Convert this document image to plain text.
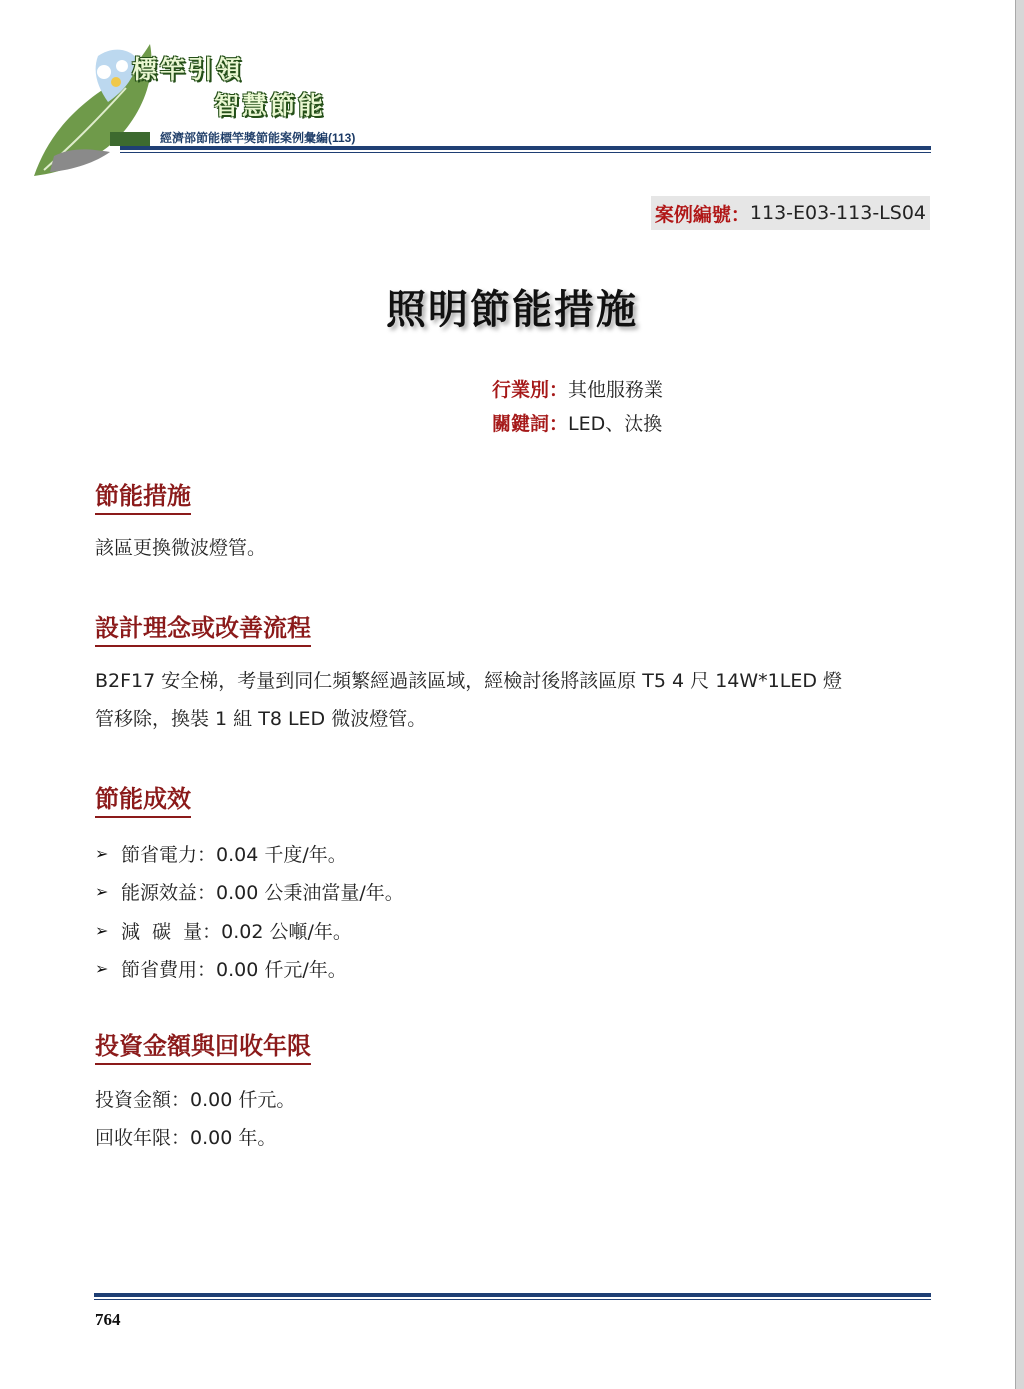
標竿引領
智慧節能
經濟部節能標竿獎節能案例彙編(113)
案例編號： 113-E03-113-LS04
照明節能措施
行業別：其他服務業
關鍵詞：LED、汰換
節能措施
該區更換微波燈管。
設計理念或改善流程
B2F17 安全梯，考量到同仁頻繁經過該區域，經檢討後將該區原 T5 4 尺 14W*1LED 燈
管移除，換裝 1 組 T8 LED 微波燈管。
節能成效
➢ 節省電力：0.04 千度/年。
➢ 能源效益：0.00 公秉油當量/年。
➢ 減  碳  量：0.02 公噸/年。
➢ 節省費用：0.00 仟元/年。
投資金額與回收年限
投資金額：0.00 仟元。
回收年限：0.00 年。
764
